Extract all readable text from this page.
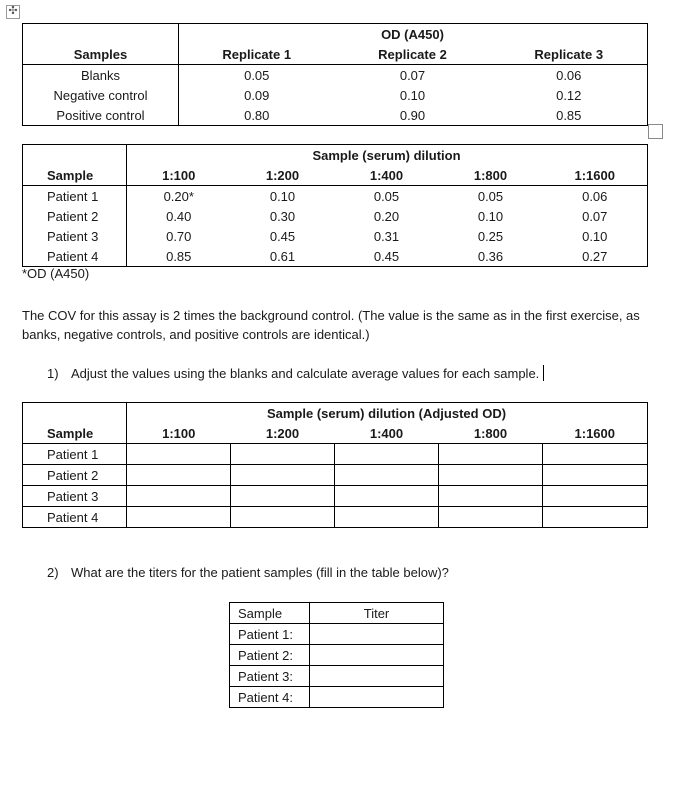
✣
		OD (A450)	
Samples	Replicate 1	Replicate 2	Replicate 3
Blanks	0.05	0.07	0.06
Negative control	0.09	0.10	0.12
Positive control	0.80	0.90	0.85
		Sample (serum) dilution			
Sample	1:100	1:200	1:400	1:800	1:1600
Patient 1	0.20*	0.10	0.05	0.05	0.06
Patient 2	0.40	0.30	0.20	0.10	0.07
Patient 3	0.70	0.45	0.31	0.25	0.10
Patient 4	0.85	0.61	0.45	0.36	0.27
*OD (A450)
The COV for this assay is 2 times the background control. (The value is the same as in the first exercise, as banks, negative controls, and positive controls are identical.)
1) Adjust the values using the blanks and calculate average values for each sample.
		Sample (serum) dilution (Adjusted OD)			
Sample	1:100	1:200	1:400	1:800	1:1600
Patient 1					
Patient 2					
Patient 3					
Patient 4					
2) What are the titers for the patient samples (fill in the table below)?
Sample	Titer
Patient 1:	
Patient 2:	
Patient 3:	
Patient 4:	
